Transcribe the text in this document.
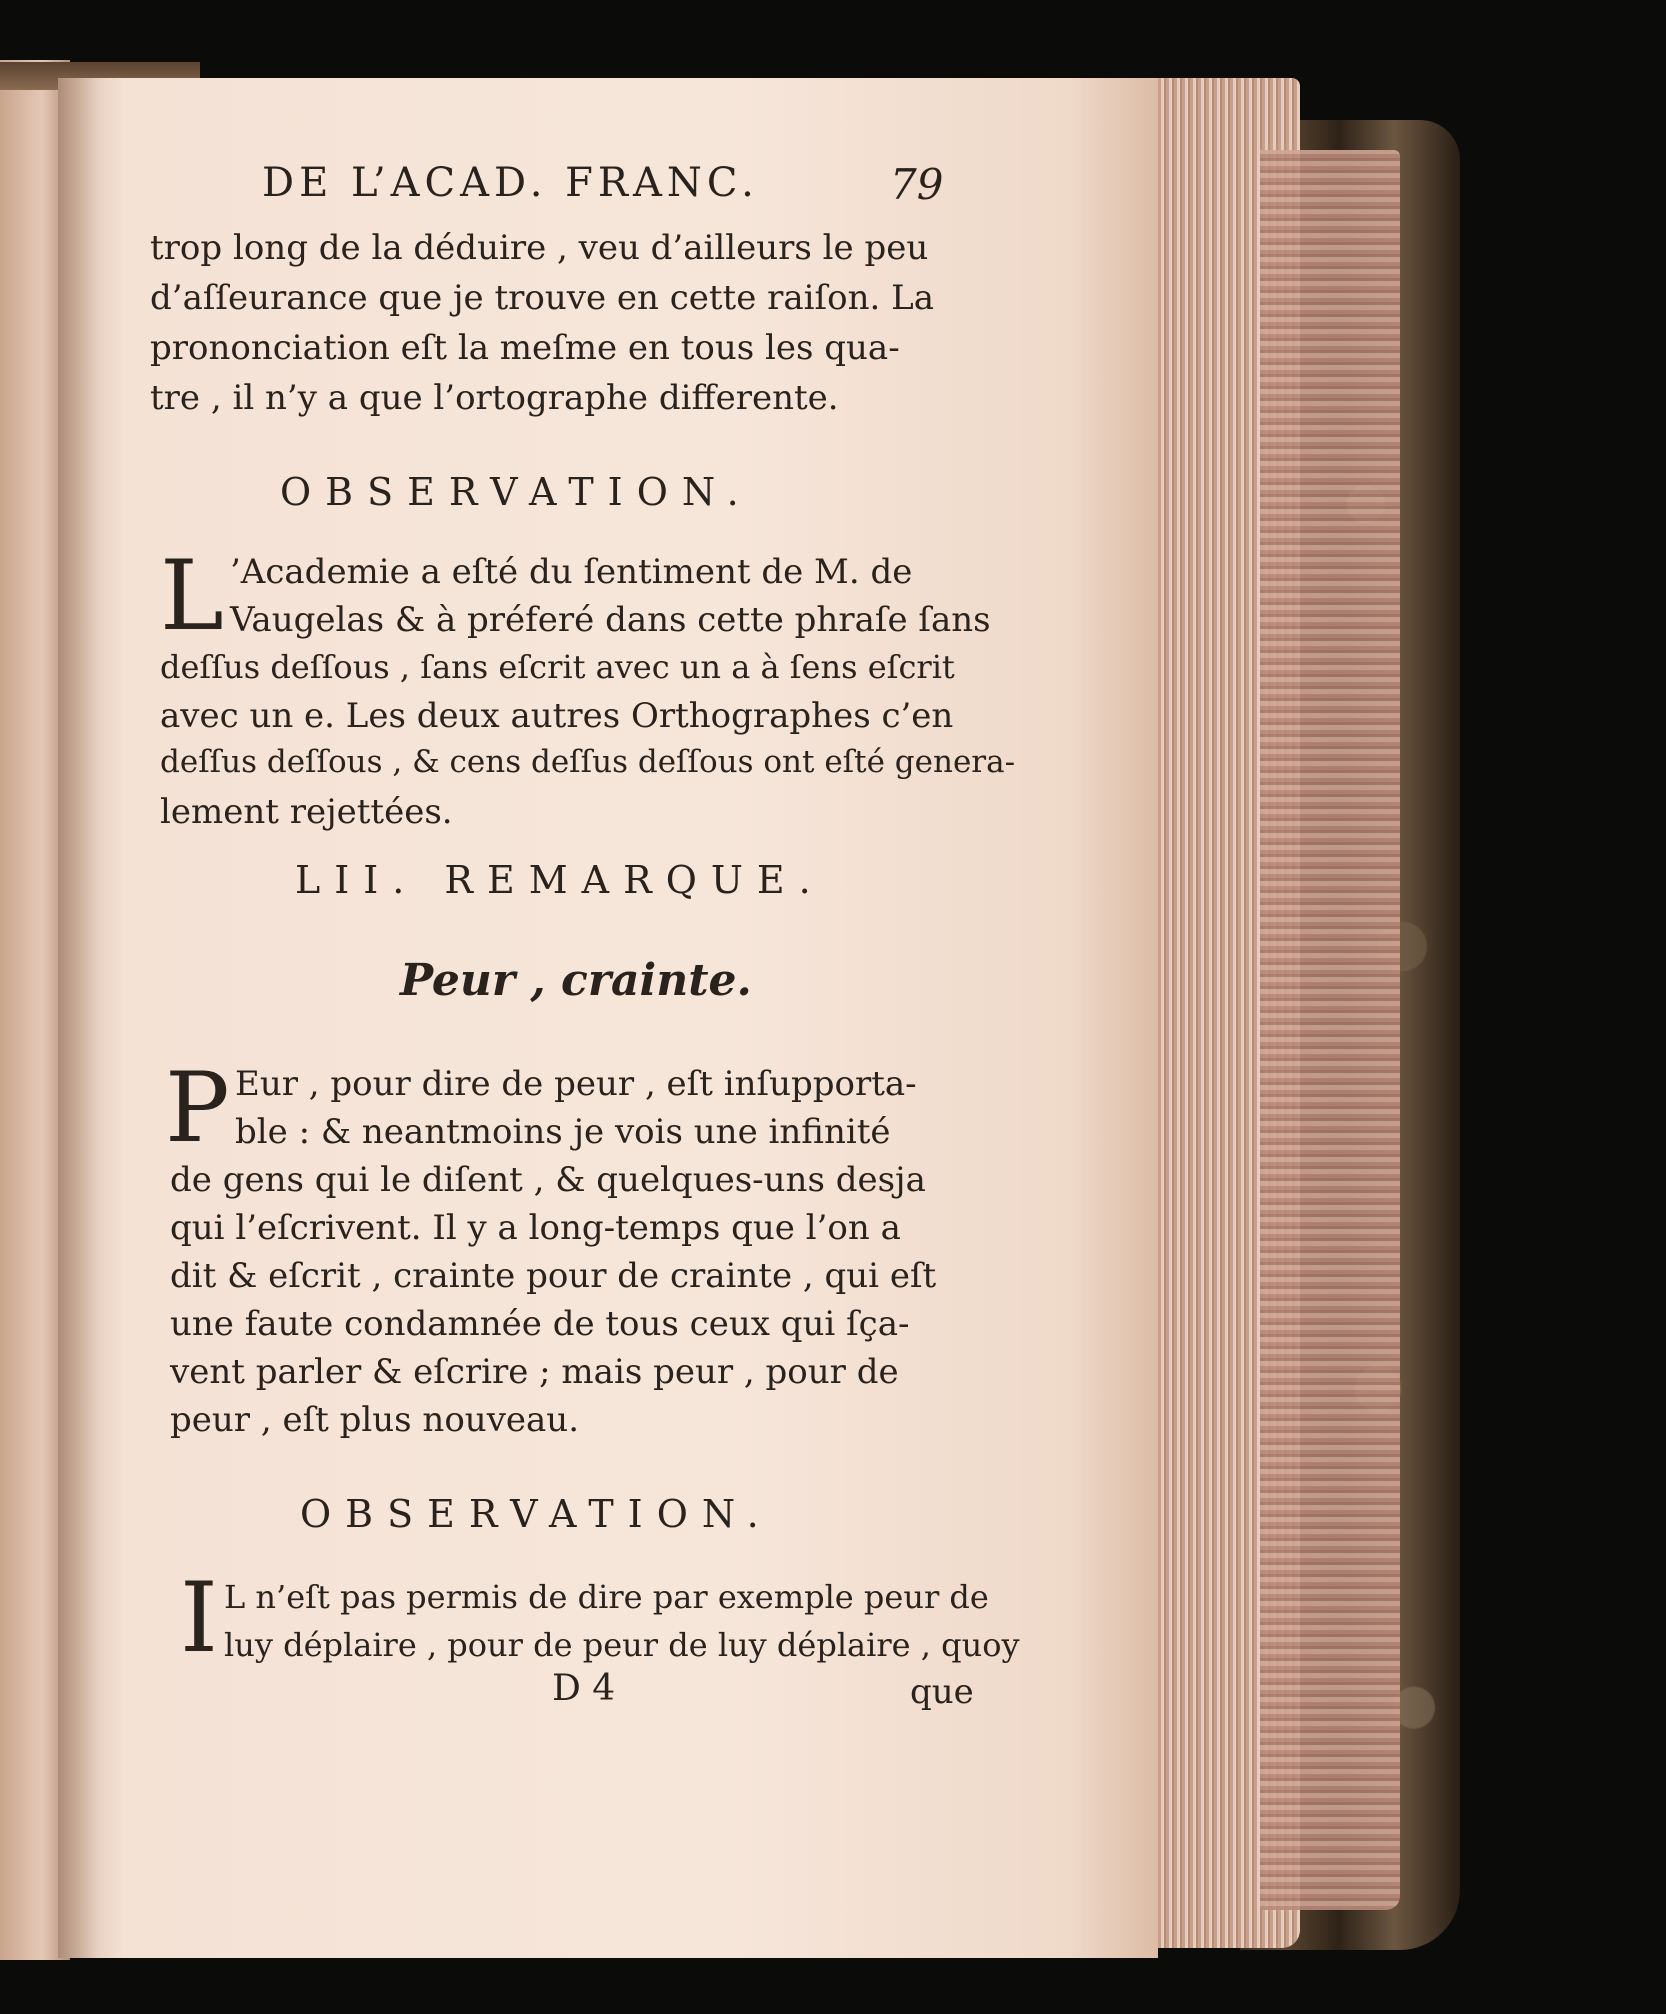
DE L’ACAD. FRANC.	79
trop long de la déduire , veu d’ailleurs le peu
d’aſſeurance que je trouve en cette raiſon. La
prononciation eſt la meſme en tous les qua-
tre , il n’y a que l’ortographe differente.
OBSERVATION.
L ’Academie a eſté du ſentiment de M. de
Vaugelas & à préferé dans cette phraſe ſans
deſſus deſſous , ſans eſcrit avec un a à ſens eſcrit
avec un e. Les deux autres Orthographes c’en
deſſus deſſous , & cens deſſus deſſous ont eſté genera-
lement rejettées.
LII. REMARQUE.
Peur , crainte.
P Eur , pour dire de peur , eſt inſupporta-
ble : & neantmoins je vois une infinité
de gens qui le diſent , & quelques-uns desja
qui l’eſcrivent. Il y a long-temps que l’on a
dit & eſcrit , crainte pour de crainte , qui eſt
une faute condamnée de tous ceux qui ſça-
vent parler & eſcrire ; mais peur , pour de
peur , eſt plus nouveau.
OBSERVATION.
I L n’eſt pas permis de dire par exemple peur de
luy déplaire , pour de peur de luy déplaire , quoy
D 4	que
